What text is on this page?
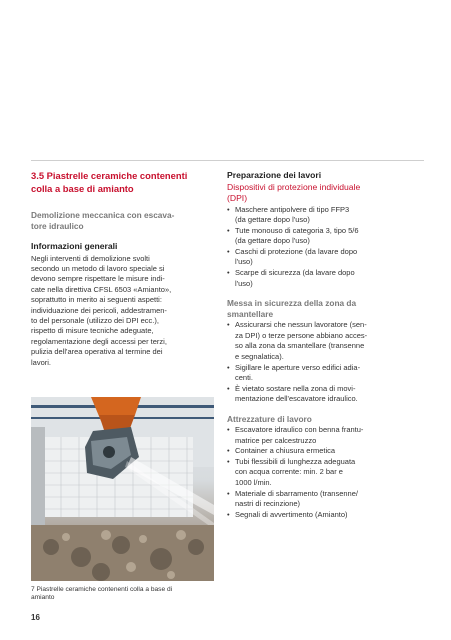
3.5 Piastrelle ceramiche contenenti
colla a base di amianto

Demolizione meccanica con escava-
tore idraulico

Informazioni generali

Negli interventi di demolizione svolti
secondo un metodo di lavoro speciale si
devono sempre rispettare le misure indi-
cate nella direttiva CFSL 6503 «Amianto»,
soprattutto in merito ai seguenti aspetti:
individuazione dei pericoli, addestramen-
to del personale (utilizzo dei DPI ecc.),
rispetto di misure tecniche adeguate,
regolamentazione degli accessi per terzi,
pulizia dell'area operativa al termine dei
lavori.

7 Piastrelle ceramiche contenenti colla a base di
amianto
16

Preparazione dei lavori

Dispositivi di protezione individuale
(DPI)

• Maschere antipolvere di tipo FFP3
(da gettare dopo l'uso)
• Tute monouso di categoria 3, tipo 5/6
(da gettare dopo l'uso)
• Caschi di protezione (da lavare dopo
l'uso)
• Scarpe di sicurezza (da lavare dopo
l'uso)

Messa in sicurezza della zona da
smantellare

• Assicurarsi che nessun lavoratore (sen-
za DPI) o terze persone abbiano acces-
so alla zona da smantellare (transenne
e segnalatica).
• Sigillare le aperture verso edifici adia-
centi.
• È vietato sostare nella zona di movi-
mentazione dell'escavatore idraulico.

Attrezzature di lavoro

• Escavatore idraulico con benna frantu-
matrice per calcestruzzo
• Container a chiusura ermetica
• Tubi flessibili di lunghezza adeguata
con acqua corrente: min. 2 bar e
1000 l/min.
• Materiale di sbarramento (transenne/
nastri di recinzione)
• Segnali di avvertimento (Amianto)
